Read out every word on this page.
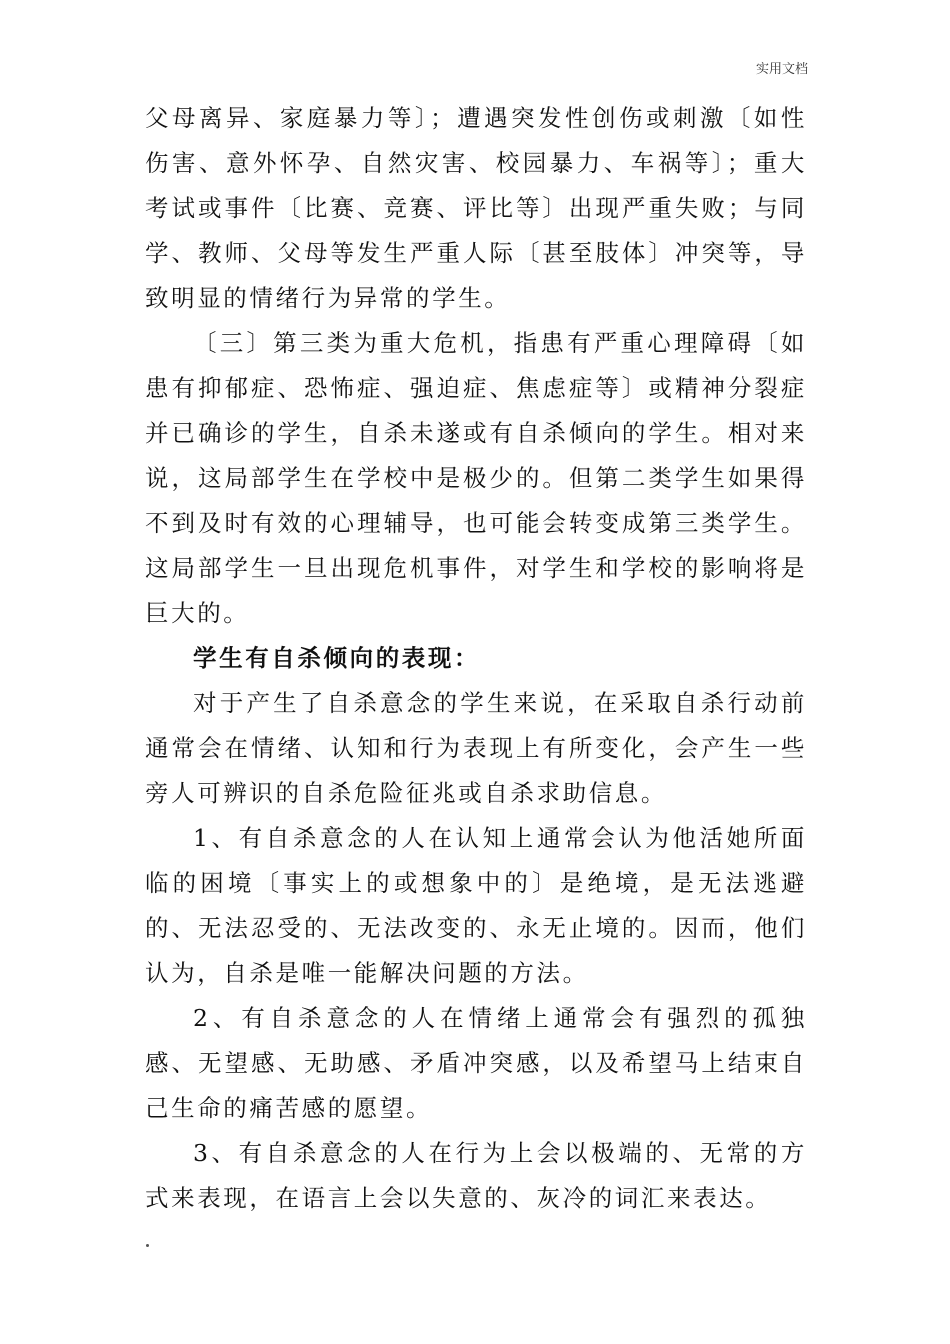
实用文档

父母离异、家庭暴力等〕；遭遇突发性创伤或刺激〔如性伤害、意外怀孕、自然灾害、校园暴力、车祸等〕；重大考试或事件〔比赛、竞赛、评比等〕出现严重失败；与同学、教师、父母等发生严重人际〔甚至肢体〕冲突等，导致明显的情绪行为异常的学生。

〔三〕第三类为重大危机，指患有严重心理障碍〔如患有抑郁症、恐怖症、强迫症、焦虑症等〕或精神分裂症并已确诊的学生，自杀未遂或有自杀倾向的学生。相对来说，这局部学生在学校中是极少的。但第二类学生如果得不到及时有效的心理辅导，也可能会转变成第三类学生。这局部学生一旦出现危机事件，对学生和学校的影响将是巨大的。

学生有自杀倾向的表现：

对于产生了自杀意念的学生来说，在采取自杀行动前通常会在情绪、认知和行为表现上有所变化，会产生一些旁人可辨识的自杀危险征兆或自杀求助信息。

1、有自杀意念的人在认知上通常会认为他活她所面临的困境〔事实上的或想象中的〕是绝境，是无法逃避的、无法忍受的、无法改变的、永无止境的。因而，他们认为，自杀是唯一能解决问题的方法。

2、有自杀意念的人在情绪上通常会有强烈的孤独感、无望感、无助感、矛盾冲突感，以及希望马上结束自己生命的痛苦感的愿望。

3、有自杀意念的人在行为上会以极端的、无常的方式来表现，在语言上会以失意的、灰冷的词汇来表达。
